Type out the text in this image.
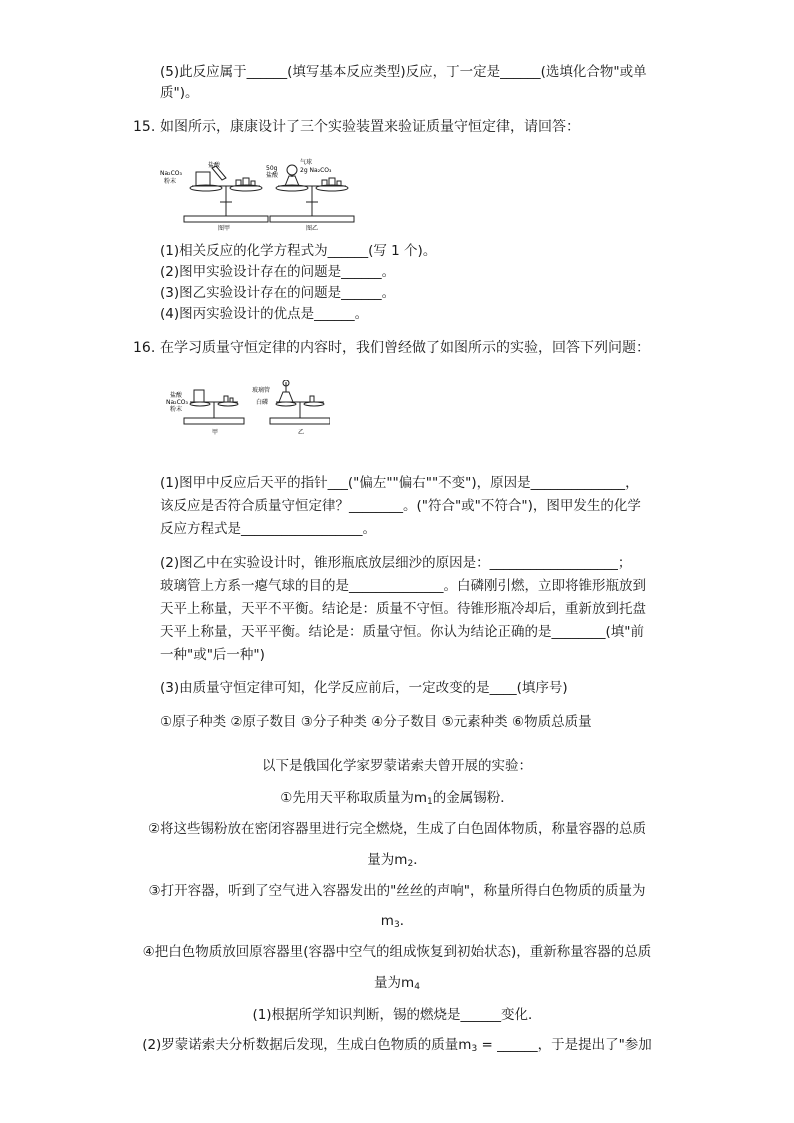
(5)此反应属于______(填写基本反应类型)反应，丁一定是______(选填化合物"或单
质")。
15. 如图所示，康康设计了三个实验装置来验证质量守恒定律，请回答：
Na₂CO₃
粉末
盐酸	50g
盐酸
气球
2g Na₂CO₃
图甲	图乙
(1)相关反应的化学方程式为______(写 1 个)。
(2)图甲实验设计存在的问题是______。
(3)图乙实验设计存在的问题是______。
(4)图丙实验设计的优点是______。
16. 在学习质量守恒定律的内容时，我们曾经做了如图所示的实验，回答下列问题：
盐酸
Na₂CO₃
粉末
玻璃管
白磷
甲	乙
(1)图甲中反应后天平的指针___("偏左""偏右""不变")，原因是______________，
该反应是否符合质量守恒定律？________。("符合"或"不符合")，图甲发生的化学
反应方程式是__________________。
(2)图乙中在实验设计时，锥形瓶底放层细沙的原因是：___________________；
玻璃管上方系一瘪气球的目的是______________。白磷刚引燃，立即将锥形瓶放到
天平上称量，天平不平衡。结论是：质量不守恒。待锥形瓶冷却后，重新放到托盘
天平上称量，天平平衡。结论是：质量守恒。你认为结论正确的是________(填"前
一种"或"后一种")
(3)由质量守恒定律可知，化学反应前后，一定改变的是____(填序号)
①原子种类 ②原子数目 ③分子种类 ④分子数目 ⑤元素种类 ⑥物质总质量
以下是俄国化学家罗蒙诺索夫曾开展的实验：
①先用天平称取质量为$m_1$的金属锡粉．
②将这些锡粉放在密闭容器里进行完全燃烧，生成了白色固体物质，称量容器的总质
量为$m_2$．
③打开容器，听到了空气进入容器发出的"丝丝的声响"，称量所得白色物质的质量为
$m_3$．
④把白色物质放回原容器里(容器中空气的组成恢复到初始状态)，重新称量容器的总质
量为$m_4$
(1)根据所学知识判断，锡的燃烧是______变化．
(2)罗蒙诺索夫分析数据后发现，生成白色物质的质量$m_3$ = ______，于是提出了"参加
